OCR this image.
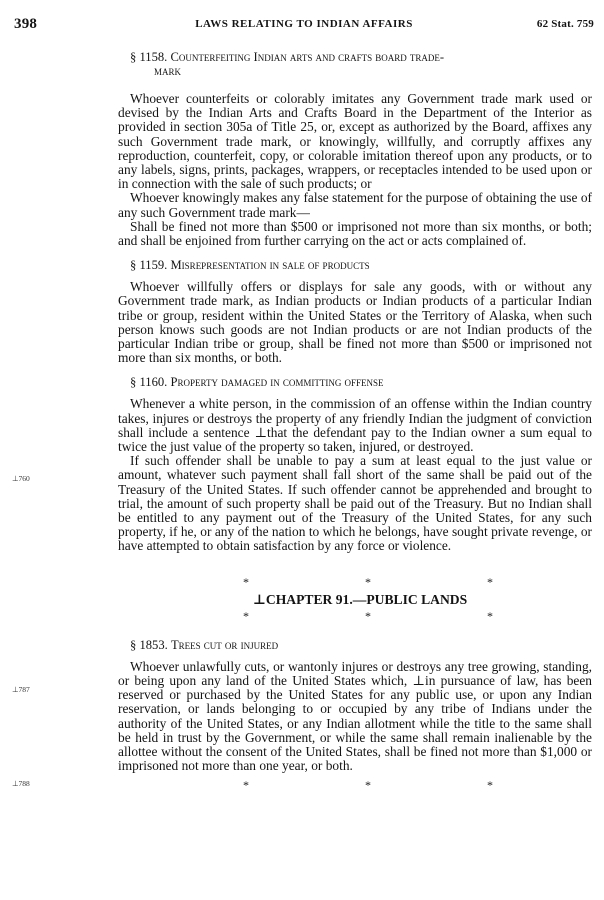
398	LAWS RELATING TO INDIAN AFFAIRS	62 Stat. 759
⊥760
⊥787
⊥788
§ 1158. Counterfeiting Indian arts and crafts board trade-
mark

Whoever counterfeits or colorably imitates any Government trade mark used or devised by the Indian Arts and Crafts Board in the Department of the Interior as provided in section 305a of Title 25, or, except as authorized by the Board, affixes any such Government trade mark, or knowingly, willfully, and corruptly affixes any reproduction, counterfeit, copy, or colorable imitation thereof upon any products, or to any labels, signs, prints, packages, wrappers, or receptacles intended to be used upon or in connection with the sale of such products; or

Whoever knowingly makes any false statement for the purpose of obtaining the use of any such Government trade mark—

Shall be fined not more than $500 or imprisoned not more than six months, or both; and shall be enjoined from further carrying on the act or acts complained of.

§ 1159. Misrepresentation in sale of products

Whoever willfully offers or displays for sale any goods, with or without any Government trade mark, as Indian products or Indian products of a particular Indian tribe or group, resident within the United States or the Territory of Alaska, when such person knows such goods are not Indian products or are not Indian products of the particular Indian tribe or group, shall be fined not more than $500 or imprisoned not more than six months, or both.

§ 1160. Property damaged in committing offense

Whenever a white person, in the commission of an offense within the Indian country takes, injures or destroys the property of any friendly Indian the judgment of conviction shall include a sentence ⊥that the defendant pay to the Indian owner a sum equal to twice the just value of the property so taken, injured, or destroyed.

If such offender shall be unable to pay a sum at least equal to the just value or amount, whatever such payment shall fall short of the same shall be paid out of the Treasury of the United States. If such offender cannot be apprehended and brought to trial, the amount of such property shall be paid out of the Treasury. But no Indian shall be entitled to any payment out of the Treasury of the United States, for any such property, if he, or any of the nation to which he belongs, have sought private revenge, or have attempted to obtain satisfaction by any force or violence.

*	*	*
⊥CHAPTER 91.—PUBLIC LANDS
*	*	*
§ 1853. Trees cut or injured

Whoever unlawfully cuts, or wantonly injures or destroys any tree growing, standing, or being upon any land of the United States which, ⊥in pursuance of law, has been reserved or purchased by the United States for any public use, or upon any Indian reservation, or lands belonging to or occupied by any tribe of Indians under the authority of the United States, or any Indian allotment while the title to the same shall be held in trust by the Government, or while the same shall remain inalienable by the allottee without the consent of the United States, shall be fined not more than $1,000 or imprisoned not more than one year, or both.

*	*	*
